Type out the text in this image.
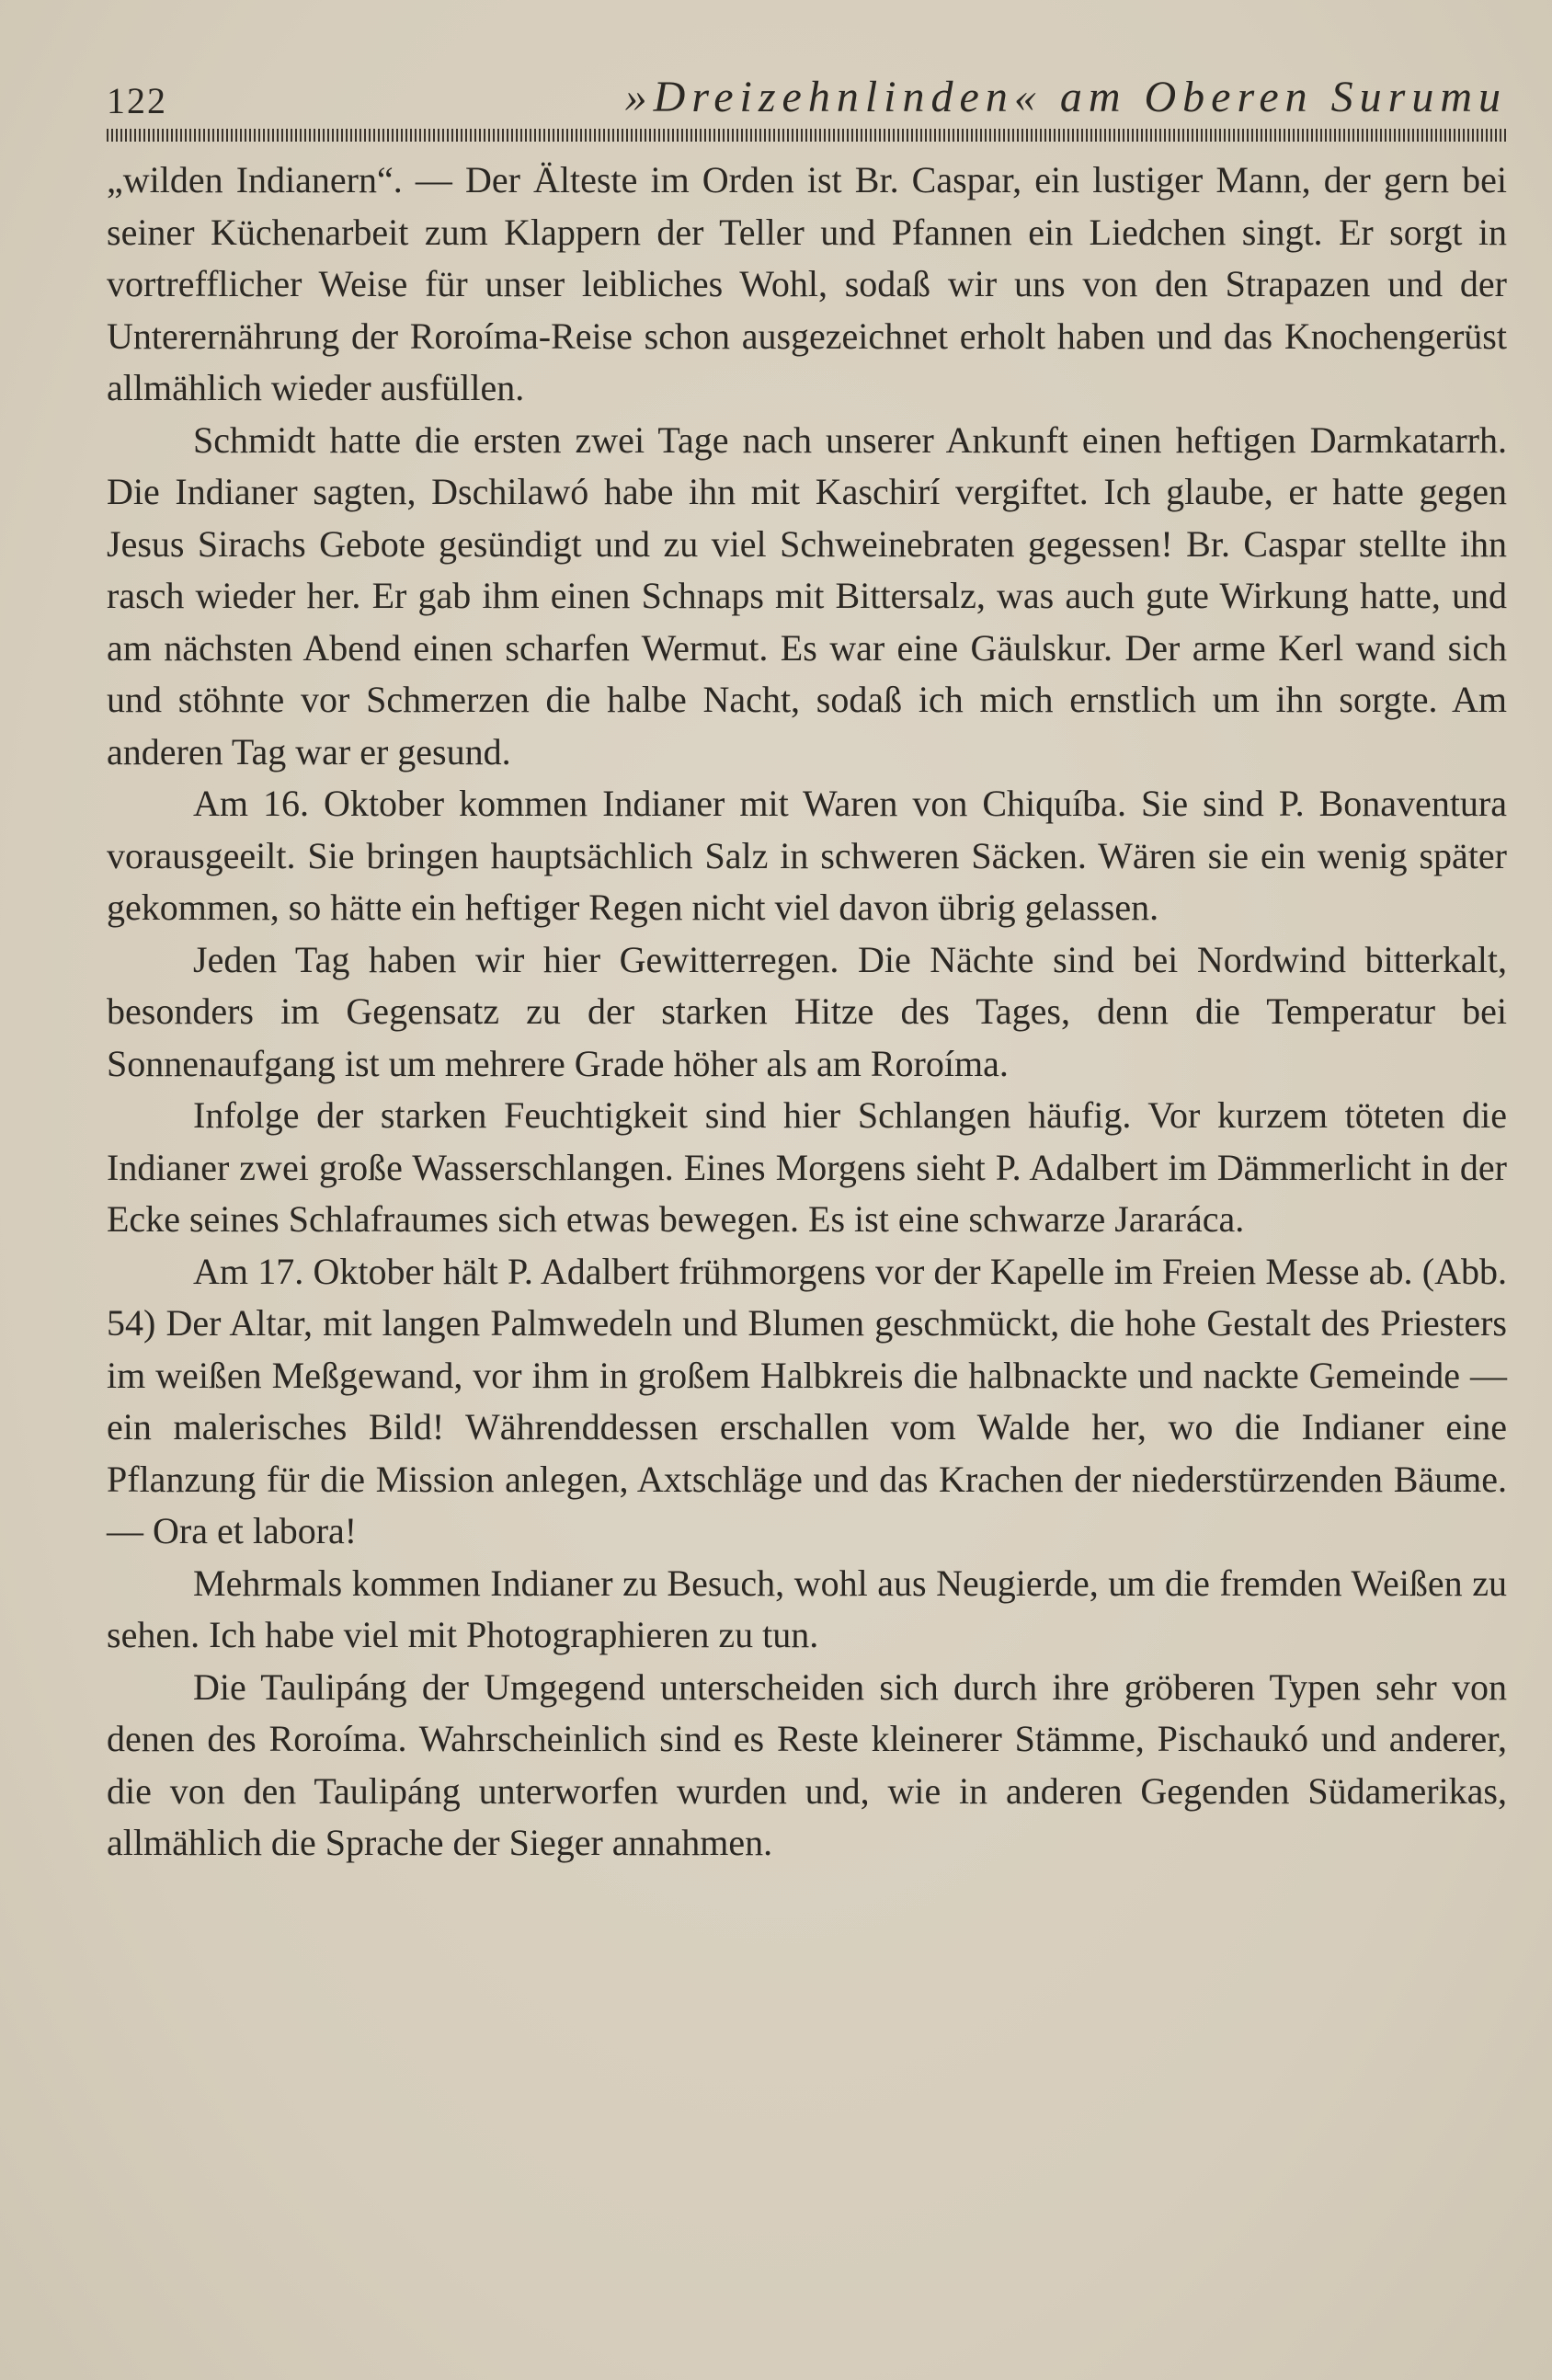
122	»Dreizehnlinden« am Oberen Surumu

„wilden Indianern“. — Der Älteste im Orden ist Br. Caspar, ein lustiger Mann, der gern bei seiner Küchenarbeit zum Klappern der Teller und Pfannen ein Liedchen singt. Er sorgt in vortrefflicher Weise für unser leibliches Wohl, sodaß wir uns von den Strapazen und der Unterernährung der Roroíma-Reise schon ausgezeichnet erholt haben und das Knochengerüst allmählich wieder ausfüllen.

Schmidt hatte die ersten zwei Tage nach unserer Ankunft einen heftigen Darmkatarrh. Die Indianer sagten, Dschilawó habe ihn mit Kaschirí vergiftet. Ich glaube, er hatte gegen Jesus Sirachs Gebote gesündigt und zu viel Schweinebraten gegessen! Br. Caspar stellte ihn rasch wieder her. Er gab ihm einen Schnaps mit Bittersalz, was auch gute Wirkung hatte, und am nächsten Abend einen scharfen Wermut. Es war eine Gäulskur. Der arme Kerl wand sich und stöhnte vor Schmerzen die halbe Nacht, sodaß ich mich ernstlich um ihn sorgte. Am anderen Tag war er gesund.

Am 16. Oktober kommen Indianer mit Waren von Chiquíba. Sie sind P. Bonaventura vorausgeeilt. Sie bringen hauptsächlich Salz in schweren Säcken. Wären sie ein wenig später gekommen, so hätte ein heftiger Regen nicht viel davon übrig gelassen.

Jeden Tag haben wir hier Gewitterregen. Die Nächte sind bei Nordwind bitterkalt, besonders im Gegensatz zu der starken Hitze des Tages, denn die Temperatur bei Sonnenaufgang ist um mehrere Grade höher als am Roroíma.

Infolge der starken Feuchtigkeit sind hier Schlangen häufig. Vor kurzem töteten die Indianer zwei große Wasserschlangen. Eines Morgens sieht P. Adalbert im Dämmerlicht in der Ecke seines Schlafraumes sich etwas bewegen. Es ist eine schwarze Jararáca.

Am 17. Oktober hält P. Adalbert frühmorgens vor der Kapelle im Freien Messe ab. (Abb. 54) Der Altar, mit langen Palmwedeln und Blumen geschmückt, die hohe Gestalt des Priesters im weißen Meßgewand, vor ihm in großem Halbkreis die halbnackte und nackte Gemeinde — ein malerisches Bild! Währenddessen erschallen vom Walde her, wo die Indianer eine Pflanzung für die Mission anlegen, Axtschläge und das Krachen der niederstürzenden Bäume. — Ora et labora!

Mehrmals kommen Indianer zu Besuch, wohl aus Neugierde, um die fremden Weißen zu sehen. Ich habe viel mit Photographieren zu tun.

Die Taulipáng der Umgegend unterscheiden sich durch ihre gröberen Typen sehr von denen des Roroíma. Wahrscheinlich sind es Reste kleinerer Stämme, Pischaukó und anderer, die von den Taulipáng unterworfen wurden und, wie in anderen Gegenden Südamerikas, allmählich die Sprache der Sieger annahmen.
